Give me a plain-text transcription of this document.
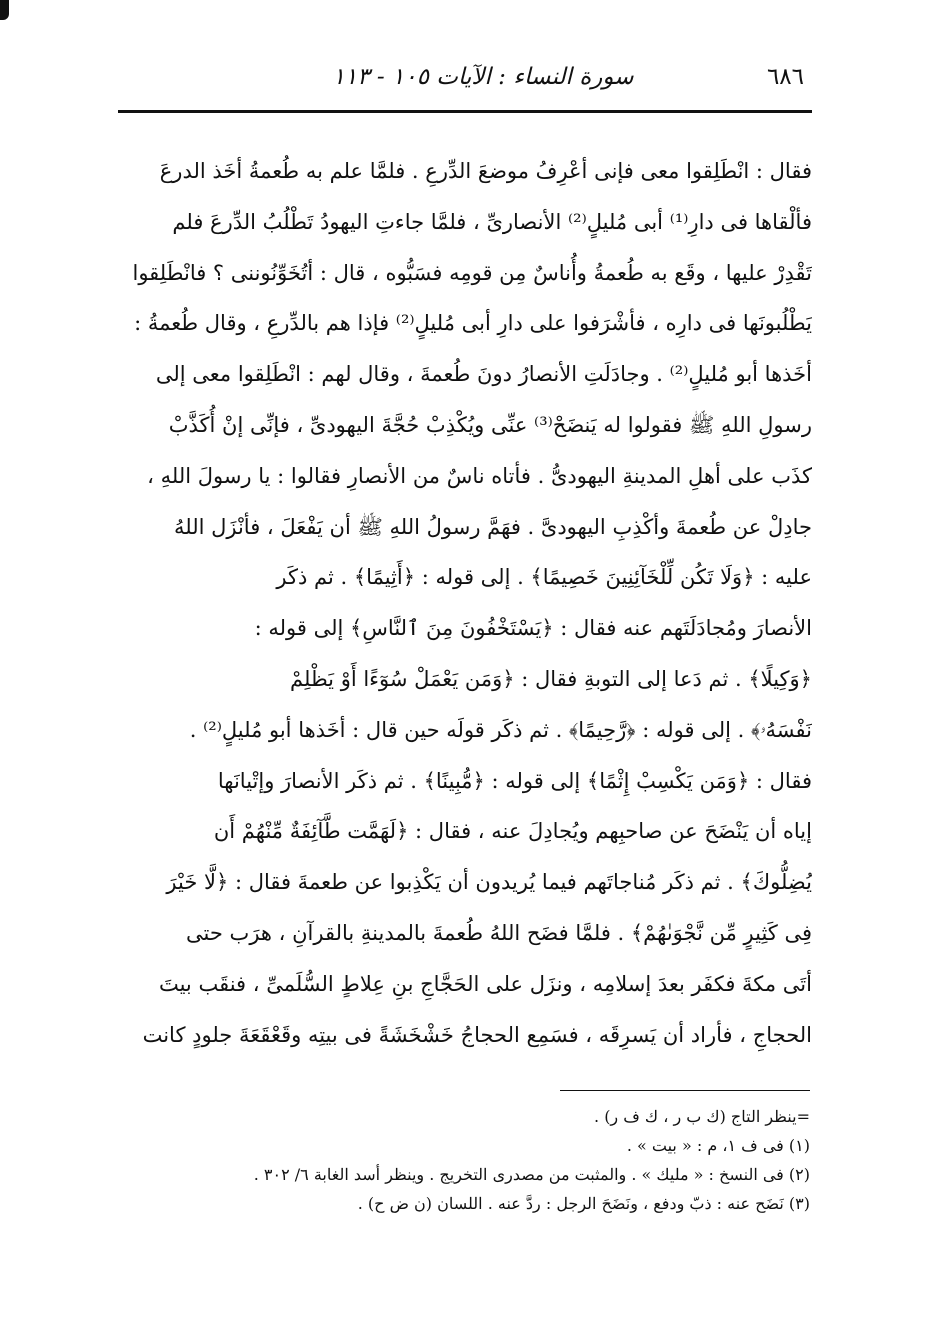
سورة النساء : الآيات ١٠٥ - ١١٣	٦٨٦
فقال : انْطَلِقوا معى فإنى أعْرِفُ موضعَ الدِّرعِ . فلمَّا علم به طُعمةُ أخَذ الدرعَ
فألْقاها فى دارِ⁽¹⁾ أبى مُليلٍ⁽²⁾ الأنصارىِّ ، فلمَّا جاءتِ اليهودُ تَطْلُبُ الدِّرعَ فلم
تَقْدِرْ عليها ، وقَع به طُعمةُ وأُناسٌ مِن قومِه فسَبُّوه ، قال : أتُخَوِّنُوننى ؟ فانْطَلِقوا
يَطْلُبونَها فى دارِه ، فأشْرَفوا على دارِ أبى مُليلٍ⁽²⁾ فإذا هم بالدِّرعِ ، وقال طُعمةُ :
أخَذها أبو مُليلٍ⁽²⁾ . وجادَلَتِ الأنصارُ دونَ طُعمةَ ، وقال لهم : انْطَلِقوا معى إلى
رسولِ اللهِ ﷺ فقولوا له يَنضَحْ⁽³⁾ عنِّى ويُكْذِبْ حُجَّةَ اليهودىِّ ، فإنِّى إنْ أُكَذَّبْ
كذَب على أهلِ المدينةِ اليهودىُّ . فأتاه ناسٌ من الأنصارِ فقالوا : يا رسولَ اللهِ ،
جادِلْ عن طُعمةَ وأكْذِبِ اليهودىَّ . فهَمَّ رسولُ اللهِ ﷺ أن يَفْعَلَ ، فأنْزَل اللهُ
عليه : ﴿وَلَا تَكُن لِّلْخَآئِنِينَ خَصِيمًا﴾ . إلى قوله : ﴿أَثِيمًا﴾ . ثم ذكَر
الأنصارَ ومُجادَلَتَهم عنه فقال : ﴿يَسْتَخْفُونَ مِنَ ٱلنَّاسِ﴾ إلى قوله :
﴿وَكِيلًا﴾ . ثم دَعا إلى التوبةِ فقال : ﴿وَمَن يَعْمَلْ سُوٓءًا أَوْ يَظْلِمْ
نَفْسَهُۥ﴾ . إلى قوله : ﴿رَّحِيمًا﴾ . ثم ذكَر قولَه حين قال : أخَذها أبو مُليلٍ⁽²⁾ .
فقال : ﴿وَمَن يَكْسِبْ إِثْمًا﴾ إلى قوله : ﴿مُّبِينًا﴾ . ثم ذكَر الأنصارَ وإتْيانَها
إياه أن يَنْضَحَ عن صاحبِهم ويُجادِلَ عنه ، فقال : ﴿لَهَمَّت طَّآئِفَةٌ مِّنْهُمْ أَن
يُضِلُّوكَ﴾ . ثم ذكَر مُناجاتَهم فيما يُريدون أن يَكْذِبوا عن طعمةَ فقال : ﴿لَّا خَيْرَ
فِى كَثِيرٍ مِّن نَّجْوَىٰهُمْ﴾ . فلمَّا فضَح اللهُ طُعمةَ بالمدينةِ بالقرآنِ ، هرَب حتى
أتَى مكةَ فكفَر بعدَ إسلامِه ، ونزَل على الحَجَّاجِ بنِ عِلاطٍ السُّلَمىِّ ، فنقَب بيتَ
الحجاجِ ، فأراد أن يَسرِقَه ، فسَمِع الحجاجُ خَشْخَشَةً فى بيتِه وقَعْقَعَةَ جلودٍ كانت
=ينظر التاج (ك ب ر ، ك ف ر) .
(١) فى ف ١، م : « بيت » .
(٢) فى النسخ : « مليك » . والمثبت من مصدرى التخريج . وينظر أسد الغابة ٦/ ٣٠٢ .
(٣) نَضَح عنه : ذبّ ودفع ، ونَضَحَ الرجل : ردَّ عنه . اللسان (ن ض ح) .
